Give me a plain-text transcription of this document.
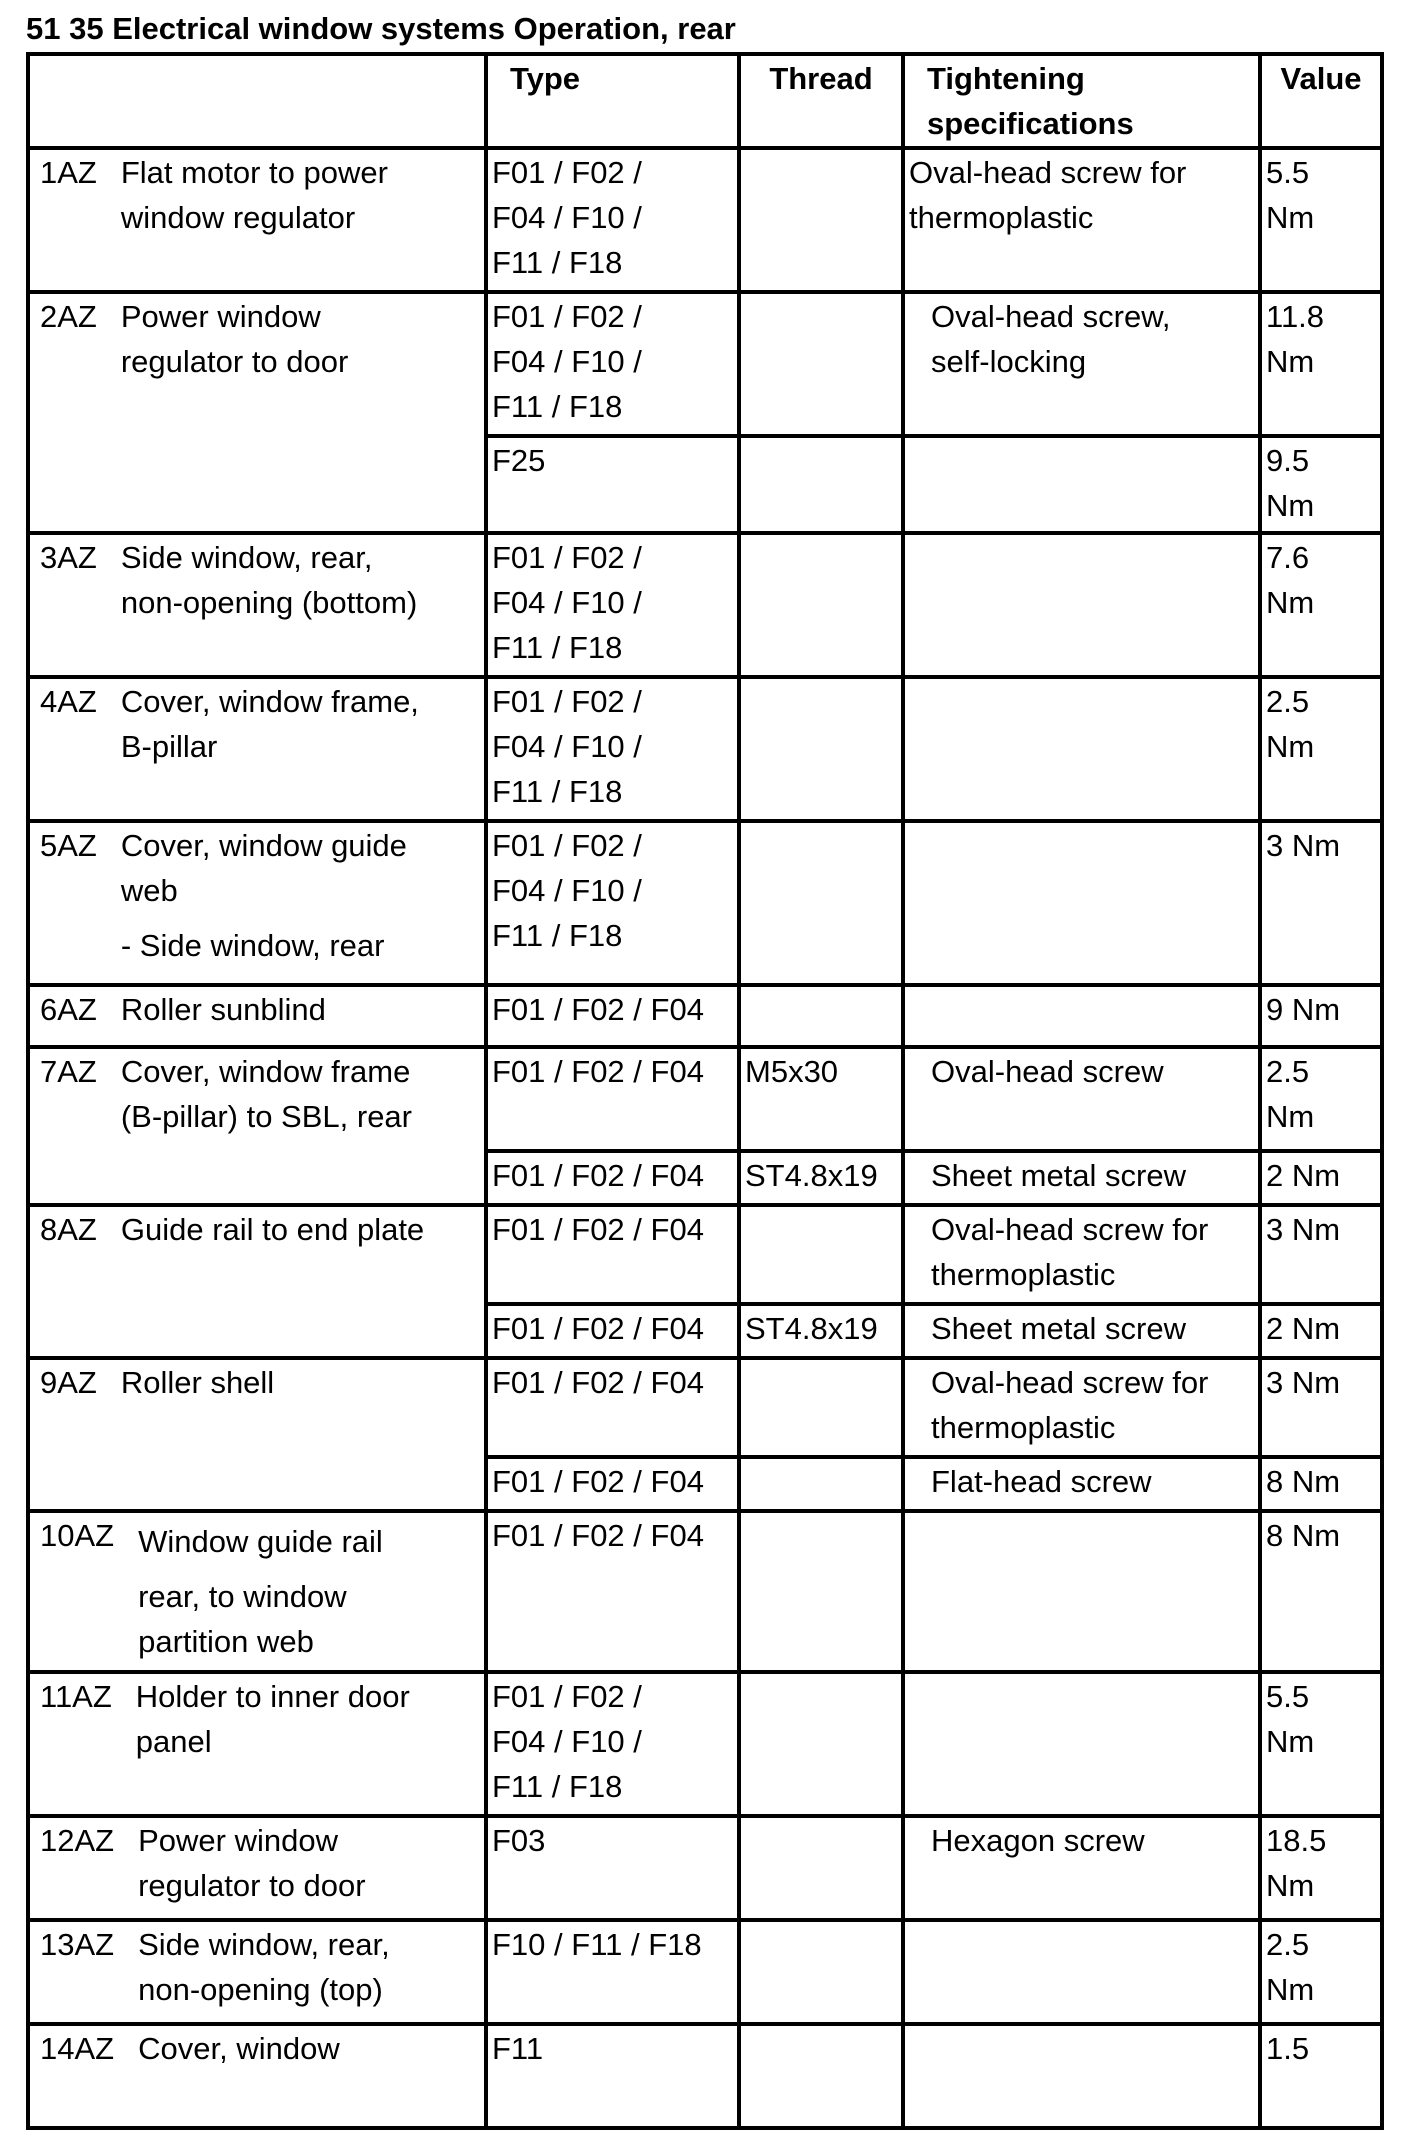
51 35 Electrical window systems Operation, rear
	Type	Thread	Tightening
specifications	Value

1AZ Flat motor to power
window regulator	F01 / F02 /
F04 / F10 /
F11 / F18		Oval-head screw for
thermoplastic	5.5
Nm

2AZ Power window
regulator to door	F01 / F02 /
F04 / F10 /
F11 / F18		Oval-head screw,
self-locking	11.8
Nm

	F25			9.5
Nm

3AZ Side window, rear,
non-opening (bottom)	F01 / F02 /
F04 / F10 /
F11 / F18			7.6
Nm

4AZ Cover, window frame,
B-pillar	F01 / F02 /
F04 / F10 /
F11 / F18			2.5
Nm

5AZ Cover, window guide
web
- Side window, rear	F01 / F02 /
F04 / F10 /
F11 / F18			3 Nm

6AZ Roller sunblind	F01 / F02 / F04			9 Nm

7AZ Cover, window frame
(B-pillar) to SBL, rear	F01 / F02 / F04	M5x30	Oval-head screw	2.5
Nm

	F01 / F02 / F04	ST4.8x19	Sheet metal screw	2 Nm

8AZ Guide rail to end plate	F01 / F02 / F04		Oval-head screw for
thermoplastic	3 Nm
	F01 / F02 / F04	ST4.8x19	Sheet metal screw	2 Nm

9AZ Roller shell	F01 / F02 / F04		Oval-head screw for
thermoplastic	3 Nm
	F01 / F02 / F04		Flat-head screw	8 Nm

10AZ Window guide rail
rear, to window
partition web	F01 / F02 / F04			8 Nm

11AZ Holder to inner door
panel	F01 / F02 /
F04 / F10 /
F11 / F18			5.5
Nm

12AZ Power window
regulator to door	F03		Hexagon screw	18.5
Nm

13AZ Side window, rear,
non-opening (top)	F10 / F11 / F18			2.5
Nm

14AZ Cover, window	F11			1.5
